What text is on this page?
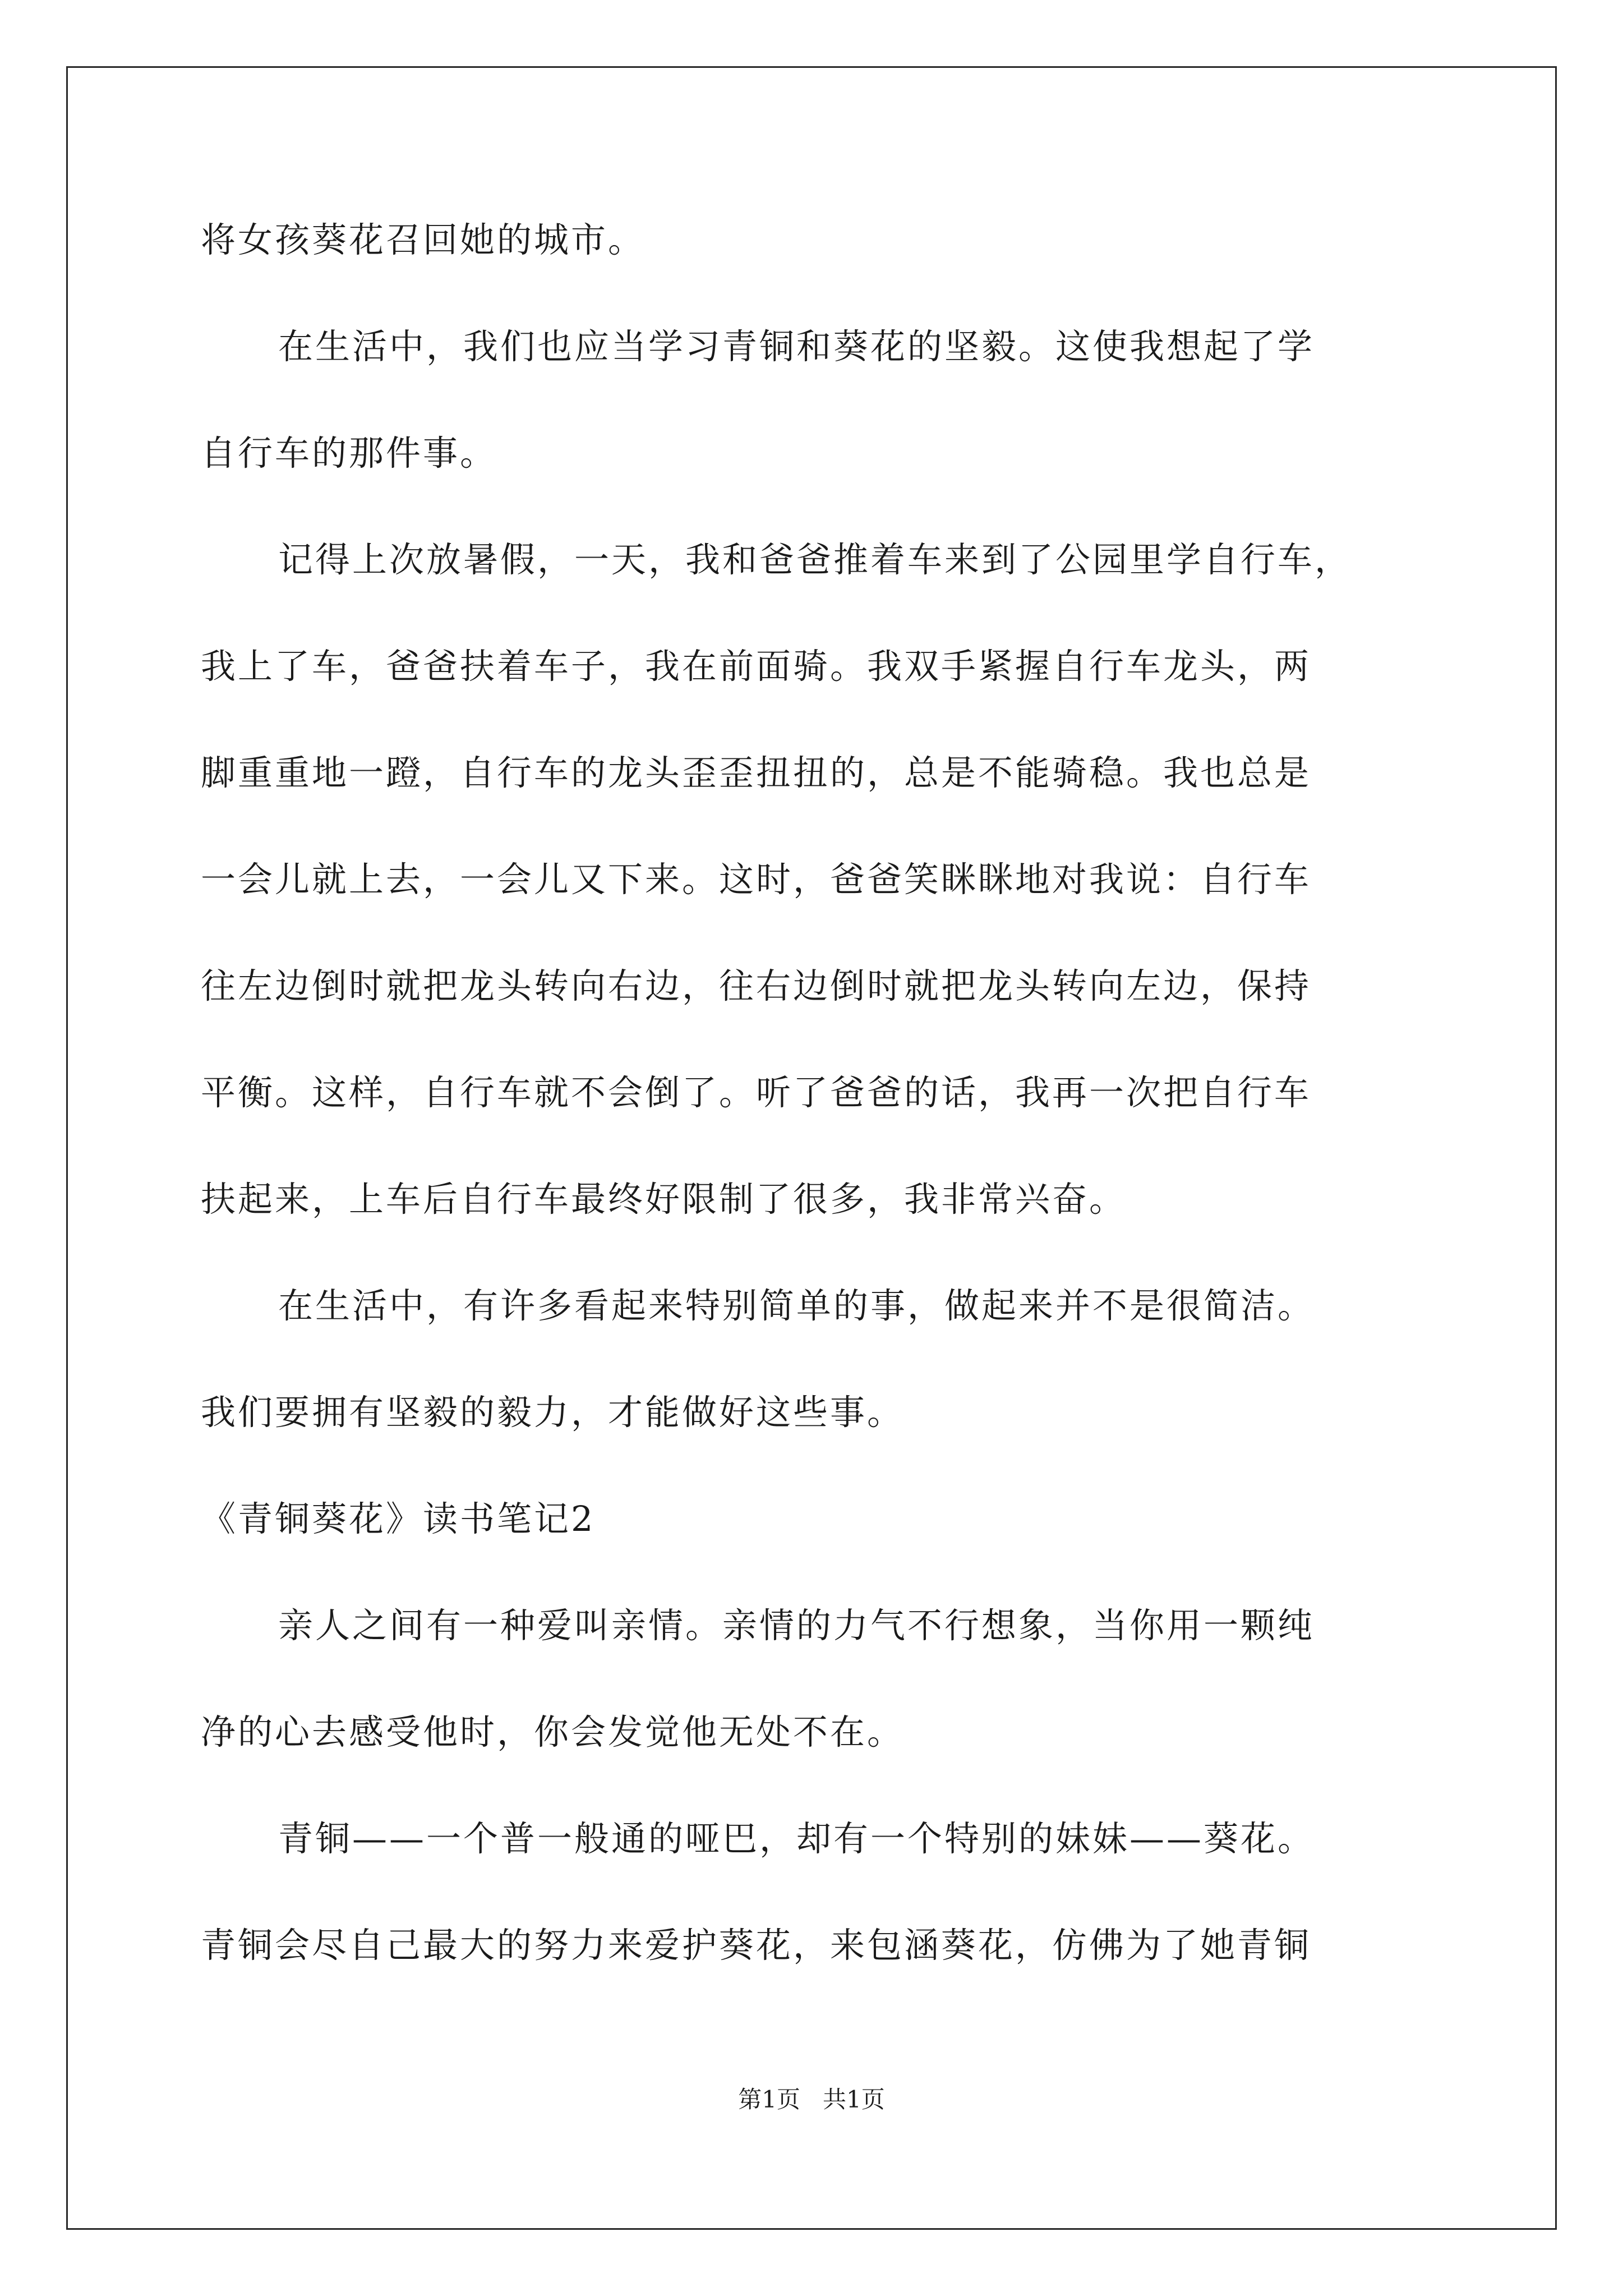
将女孩葵花召回她的城市。
在生活中，我们也应当学习青铜和葵花的坚毅。这使我想起了学
自行车的那件事。
记得上次放暑假，一天，我和爸爸推着车来到了公园里学自行车，
我上了车，爸爸扶着车子，我在前面骑。我双手紧握自行车龙头，两
脚重重地一蹬，自行车的龙头歪歪扭扭的，总是不能骑稳。我也总是
一会儿就上去，一会儿又下来。这时，爸爸笑眯眯地对我说：自行车
往左边倒时就把龙头转向右边，往右边倒时就把龙头转向左边，保持
平衡。这样，自行车就不会倒了。听了爸爸的话，我再一次把自行车
扶起来，上车后自行车最终好限制了很多，我非常兴奋。
在生活中，有许多看起来特别简单的事，做起来并不是很简洁。
我们要拥有坚毅的毅力，才能做好这些事。
《青铜葵花》读书笔记2
亲人之间有一种爱叫亲情。亲情的力气不行想象，当你用一颗纯
净的心去感受他时，你会发觉他无处不在。
青铜——一个普一般通的哑巴，却有一个特别的妹妹——葵花。
青铜会尽自己最大的努力来爱护葵花，来包涵葵花，仿佛为了她青铜
第1页 共1页
